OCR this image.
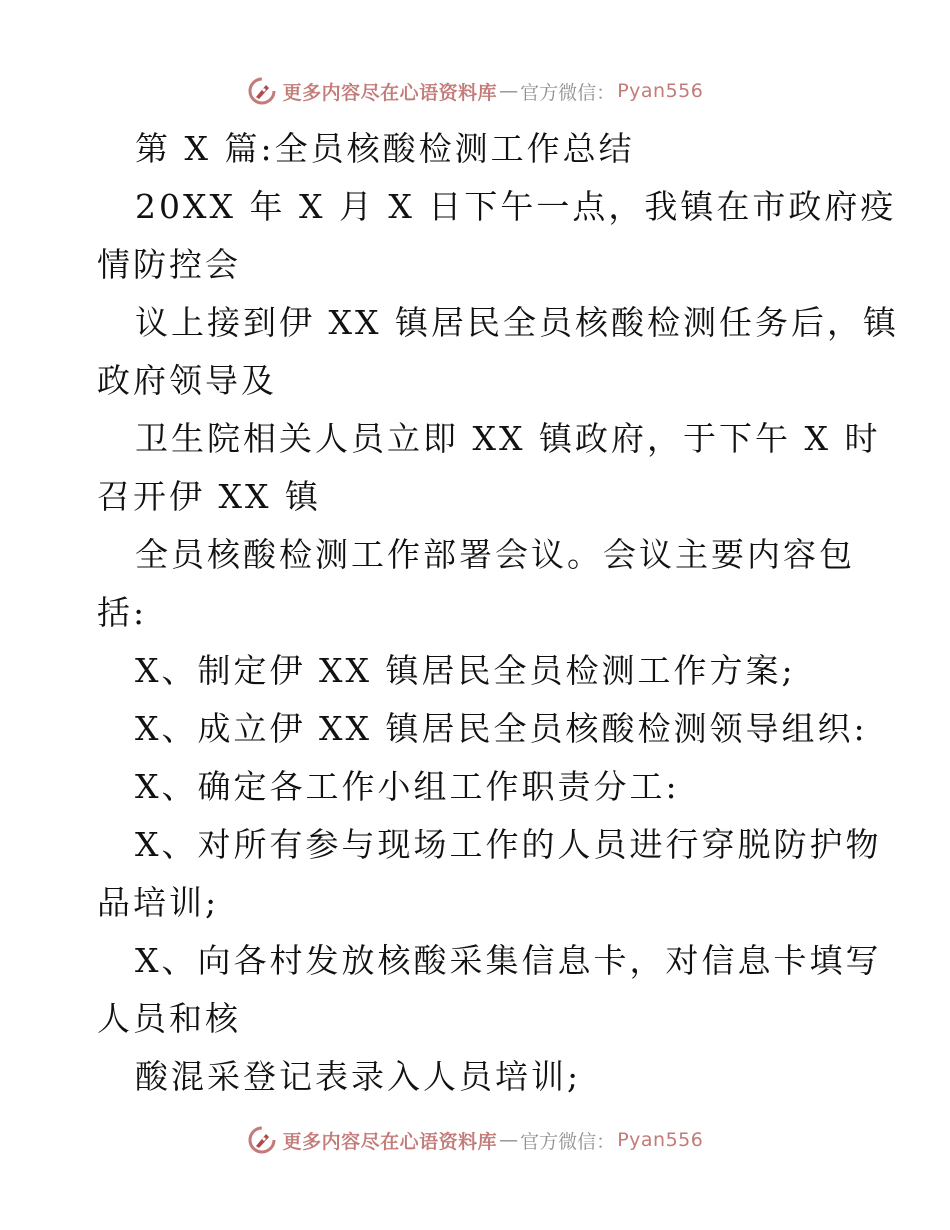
更多内容尽在心语资料库 — 官方微信： Pyan556
第 X 篇:全员核酸检测工作总结
20XX 年 X 月 X 日下午一点，我镇在市政府疫
情防控会
议上接到伊 XX 镇居民全员核酸检测任务后，镇
政府领导及
卫生院相关人员立即 XX 镇政府，于下午 X 时
召开伊 XX 镇
全员核酸检测工作部署会议。会议主要内容包
括:
X、制定伊 XX 镇居民全员检测工作方案;
X、成立伊 XX 镇居民全员核酸检测领导组织:
X、确定各工作小组工作职责分工:
X、对所有参与现场工作的人员进行穿脱防护物
品培训;
X、向各村发放核酸采集信息卡，对信息卡填写
人员和核
酸混采登记表录入人员培训;
更多内容尽在心语资料库 — 官方微信： Pyan556
